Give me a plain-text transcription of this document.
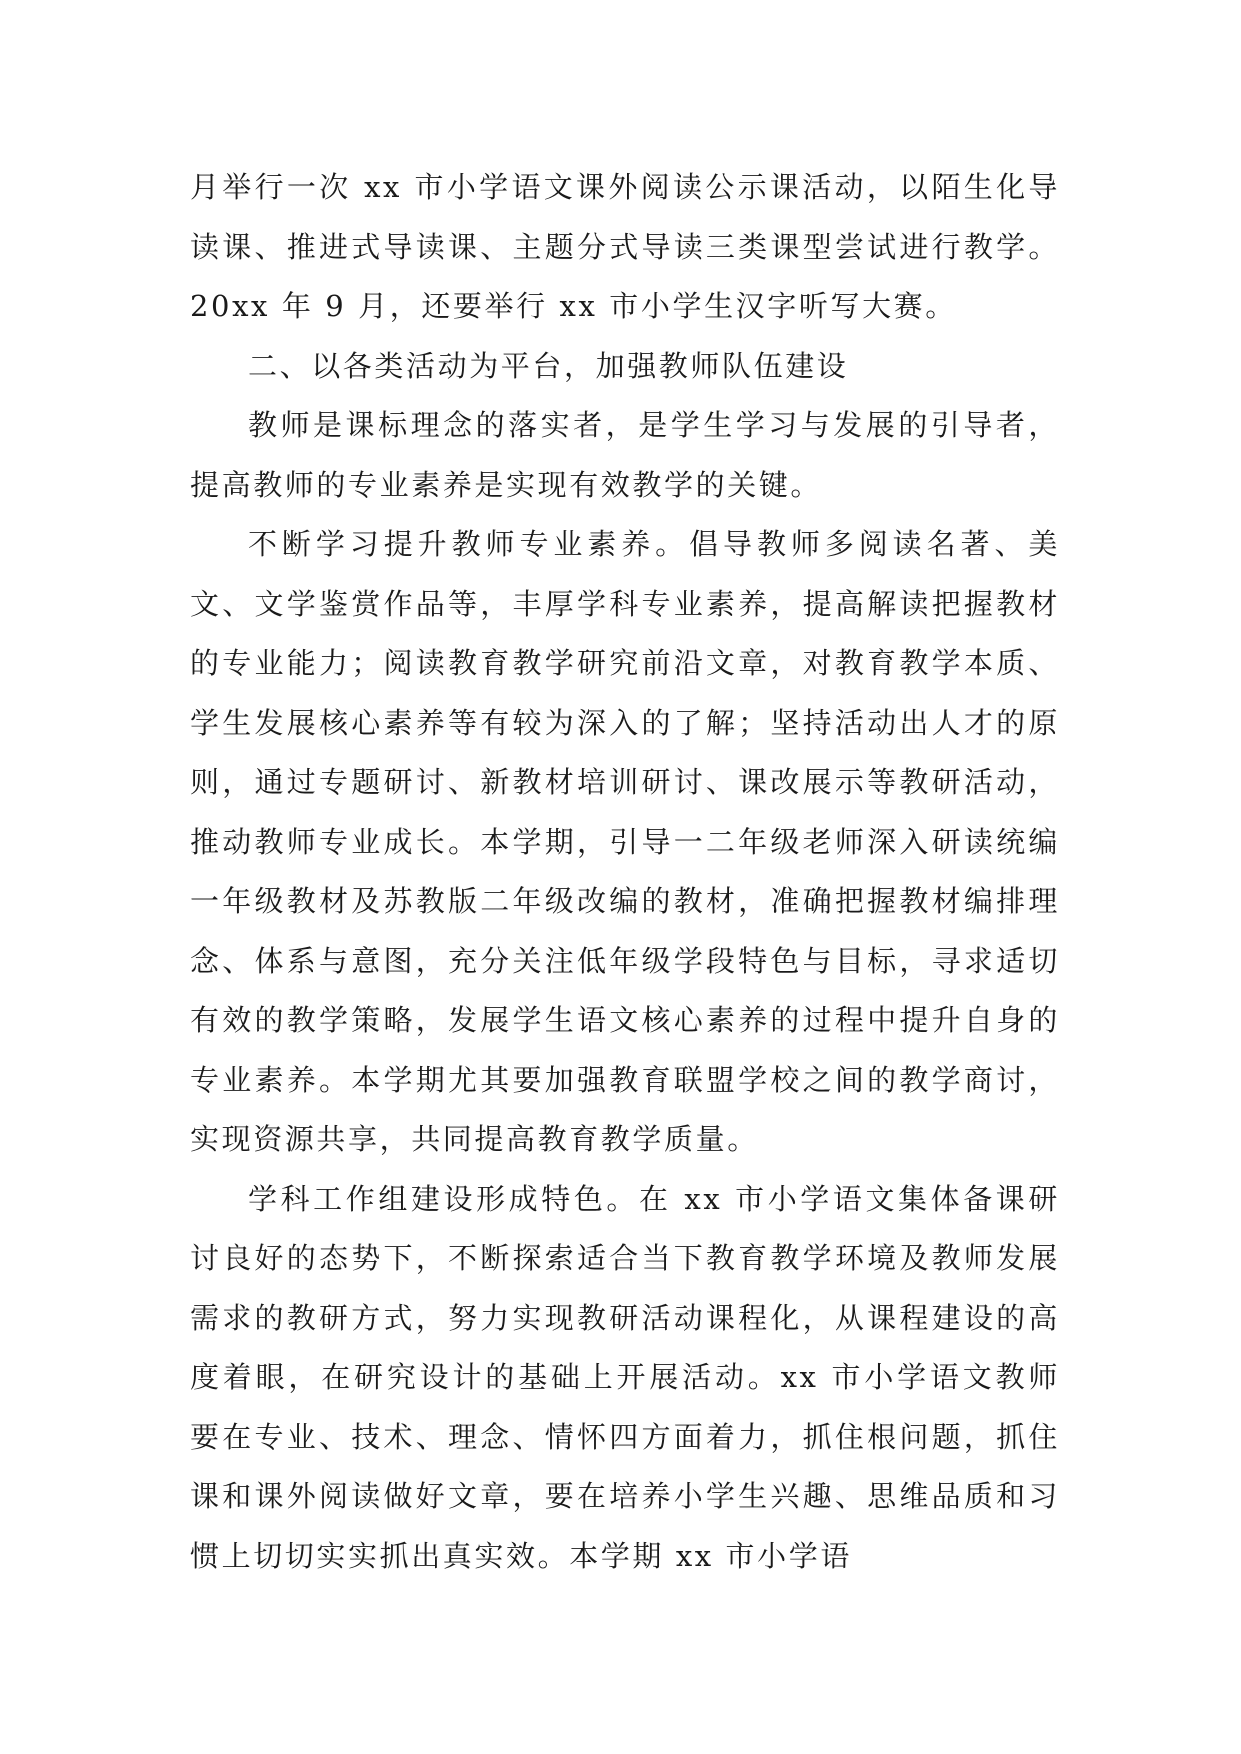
月举行一次 xx 市小学语文课外阅读公示课活动，以陌生化导读课、推进式导读课、主题分式导读三类课型尝试进行教学。20xx 年 9 月，还要举行 xx 市小学生汉字听写大赛。

二、以各类活动为平台，加强教师队伍建设

教师是课标理念的落实者，是学生学习与发展的引导者，提高教师的专业素养是实现有效教学的关键。

不断学习提升教师专业素养。倡导教师多阅读名著、美文、文学鉴赏作品等，丰厚学科专业素养，提高解读把握教材的专业能力；阅读教育教学研究前沿文章，对教育教学本质、学生发展核心素养等有较为深入的了解；坚持活动出人才的原则，通过专题研讨、新教材培训研讨、课改展示等教研活动，推动教师专业成长。本学期，引导一二年级老师深入研读统编一年级教材及苏教版二年级改编的教材，准确把握教材编排理念、体系与意图，充分关注低年级学段特色与目标，寻求适切有效的教学策略，发展学生语文核心素养的过程中提升自身的专业素养。本学期尤其要加强教育联盟学校之间的教学商讨，实现资源共享，共同提高教育教学质量。

学科工作组建设形成特色。在 xx 市小学语文集体备课研讨良好的态势下，不断探索适合当下教育教学环境及教师发展需求的教研方式，努力实现教研活动课程化，从课程建设的高度着眼，在研究设计的基础上开展活动。xx 市小学语文教师要在专业、技术、理念、情怀四方面着力，抓住根问题，抓住课和课外阅读做好文章，要在培养小学生兴趣、思维品质和习惯上切切实实抓出真实效。本学期 xx 市小学语
